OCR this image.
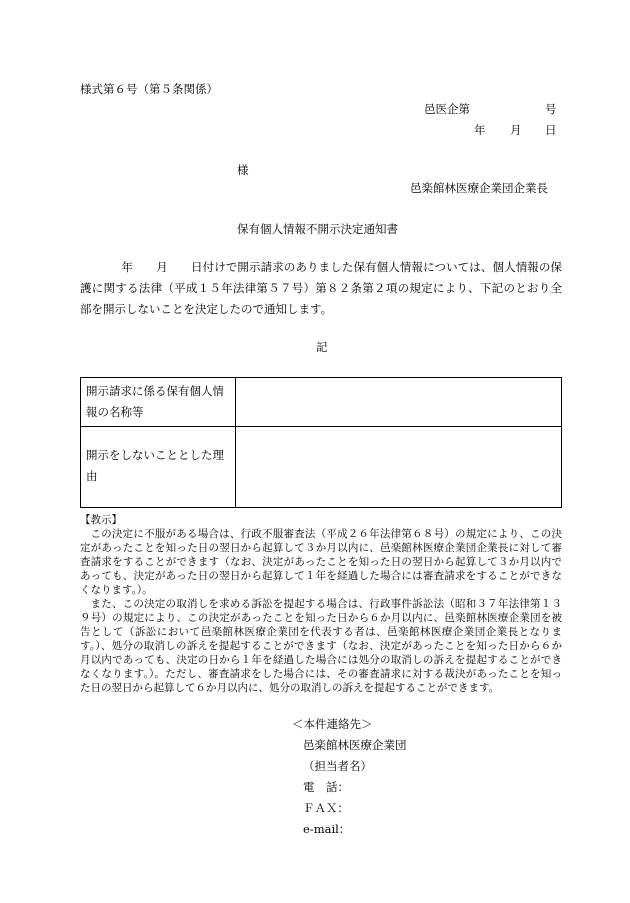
様式第６号（第５条関係）
邑医企第	号
年 月 日
様
邑楽館林医療企業団企業長
保有個人情報不開示決定通知書

年　　月　　日付けで開示請求のありました保有個人情報については、個人情報の保護に関する法律（平成１５年法律第５７号）第８２条第２項の規定により、下記のとおり全部を開示しないことを決定したので通知します。

記
開示請求に係る保有個人情報の名称等	
開示をしないこととした理由	

【教示】

この決定に不服がある場合は、行政不服審査法（平成２６年法律第６８号）の規定により、この決定があったことを知った日の翌日から起算して３か月以内に、邑楽館林医療企業団企業長に対して審査請求をすることができます（なお、決定があったことを知った日の翌日から起算して３か月以内であっても、決定があった日の翌日から起算して１年を経過した場合には審査請求をすることができなくなります。）。

また、この決定の取消しを求める訴訟を提起する場合は、行政事件訴訟法（昭和３７年法律第１３９号）の規定により、この決定があったことを知った日から６か月以内に、邑楽館林医療企業団を被告として（訴訟において邑楽館林医療企業団を代表する者は、邑楽館林医療企業団企業長となります。）、処分の取消しの訴えを提起することができます（なお、決定があったことを知った日から６か月以内であっても、決定の日から１年を経過した場合には処分の取消しの訴えを提起することができなくなります。）。ただし、審査請求をした場合には、その審査請求に対する裁決があったことを知った日の翌日から起算して６か月以内に、処分の取消しの訴えを提起することができます。

＜本件連絡先＞
邑楽館林医療企業団
（担当者名）
電　話：
ＦＡＸ：
e-mail：
